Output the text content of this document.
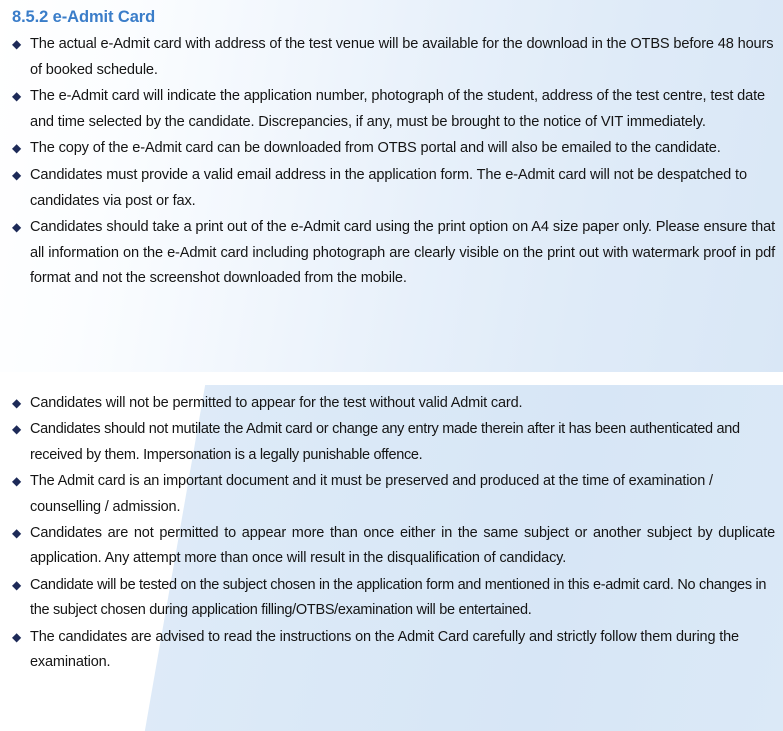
8.5.2 e-Admit Card
◆ The actual e-Admit card with address of the test venue will be available for the download in the OTBS before 48 hours of booked schedule.
◆ The e-Admit card will indicate the application number, photograph of the student, address of the test centre, test date and time selected by the candidate. Discrepancies, if any, must be brought to the notice of VIT immediately.
◆ The copy of the e-Admit card can be downloaded from OTBS portal and will also be emailed to the candidate.
◆ Candidates must provide a valid email address in the application form. The e-Admit card will not be despatched to candidates via post or fax.
◆ Candidates should take a print out of the e-Admit card using the print option on A4 size paper only. Please ensure that all information on the e-Admit card including photograph are clearly visible on the print out with watermark proof in pdf format and not the screenshot downloaded from the mobile.
◆ Candidates will not be permitted to appear for the test without valid Admit card.
◆ Candidates should not mutilate the Admit card or change any entry made therein after it has been authenticated and received by them. Impersonation is a legally punishable offence.
◆ The Admit card is an important document and it must be preserved and produced at the time of examination / counselling / admission.
◆ Candidates are not permitted to appear more than once either in the same subject or another subject by duplicate application. Any attempt more than once will result in the disqualification of candidacy.
◆ Candidate will be tested on the subject chosen in the application form and mentioned in this e-admit card. No changes in the subject chosen during application filling/OTBS/examination will be entertained.
◆ The candidates are advised to read the instructions on the Admit Card carefully and strictly follow them during the examination.
